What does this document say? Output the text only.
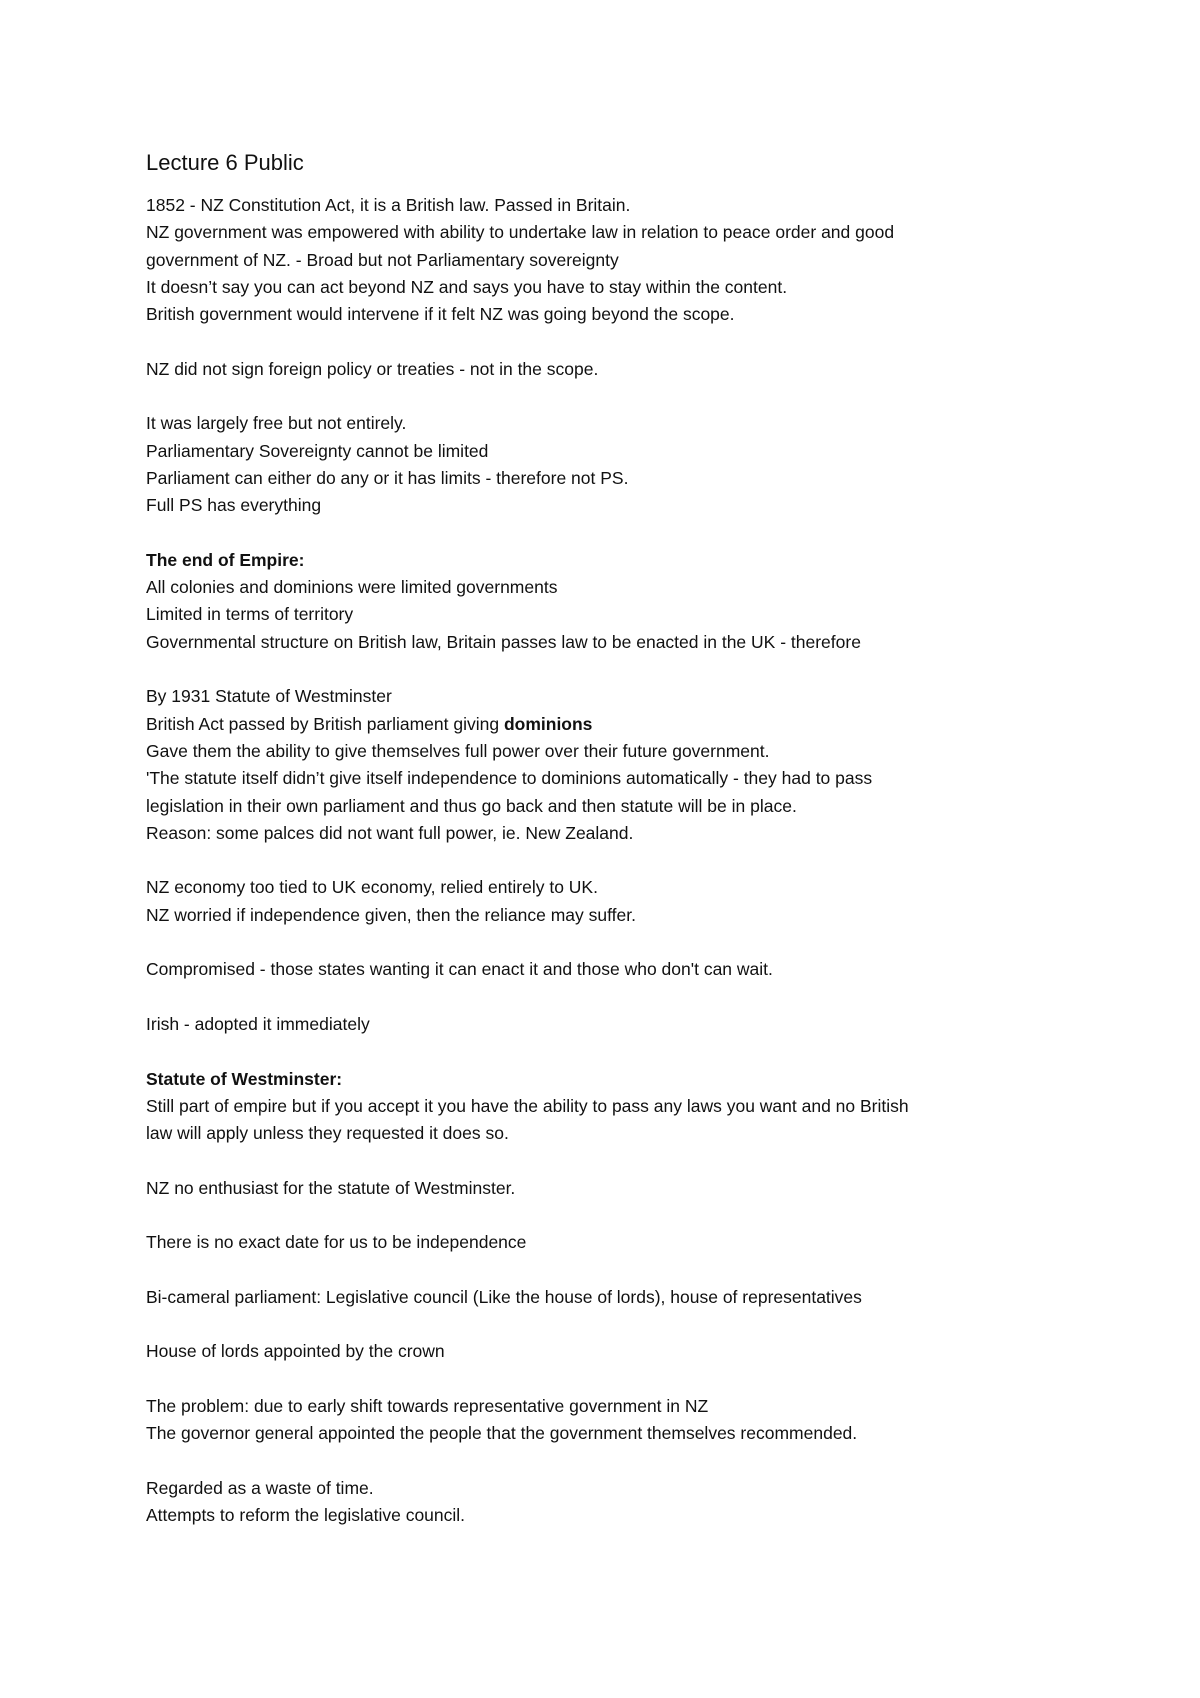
Lecture 6 Public
1852 - NZ Constitution Act, it is a British law. Passed in Britain.
NZ government was empowered with ability to undertake law in relation to peace order and good
government of NZ. - Broad but not Parliamentary sovereignty
It doesn’t say you can act beyond NZ and says you have to stay within the content.
British government would intervene if it felt NZ was going beyond the scope.
NZ did not sign foreign policy or treaties - not in the scope.
It was largely free but not entirely.
Parliamentary Sovereignty cannot be limited
Parliament can either do any or it has limits - therefore not PS.
Full PS has everything
The end of Empire:
All colonies and dominions were limited governments
Limited in terms of territory
Governmental structure on British law, Britain passes law to be enacted in the UK - therefore
By 1931 Statute of Westminster
British Act passed by British parliament giving dominions
Gave them the ability to give themselves full power over their future government.
'The statute itself didn’t give itself independence to dominions automatically - they had to pass
legislation in their own parliament and thus go back and then statute will be in place.
Reason: some palces did not want full power, ie. New Zealand.
NZ economy too tied to UK economy, relied entirely to UK.
NZ worried if independence given, then the reliance may suffer.
Compromised - those states wanting it can enact it and those who don't can wait.
Irish - adopted it immediately
Statute of Westminster:
Still part of empire but if you accept it you have the ability to pass any laws you want and no British
law will apply unless they requested it does so.
NZ no enthusiast for the statute of Westminster.
There is no exact date for us to be independence
Bi-cameral parliament: Legislative council (Like the house of lords), house of representatives
House of lords appointed by the crown
The problem: due to early shift towards representative government in NZ
The governor general appointed the people that the government themselves recommended.
Regarded as a waste of time.
Attempts to reform the legislative council.
